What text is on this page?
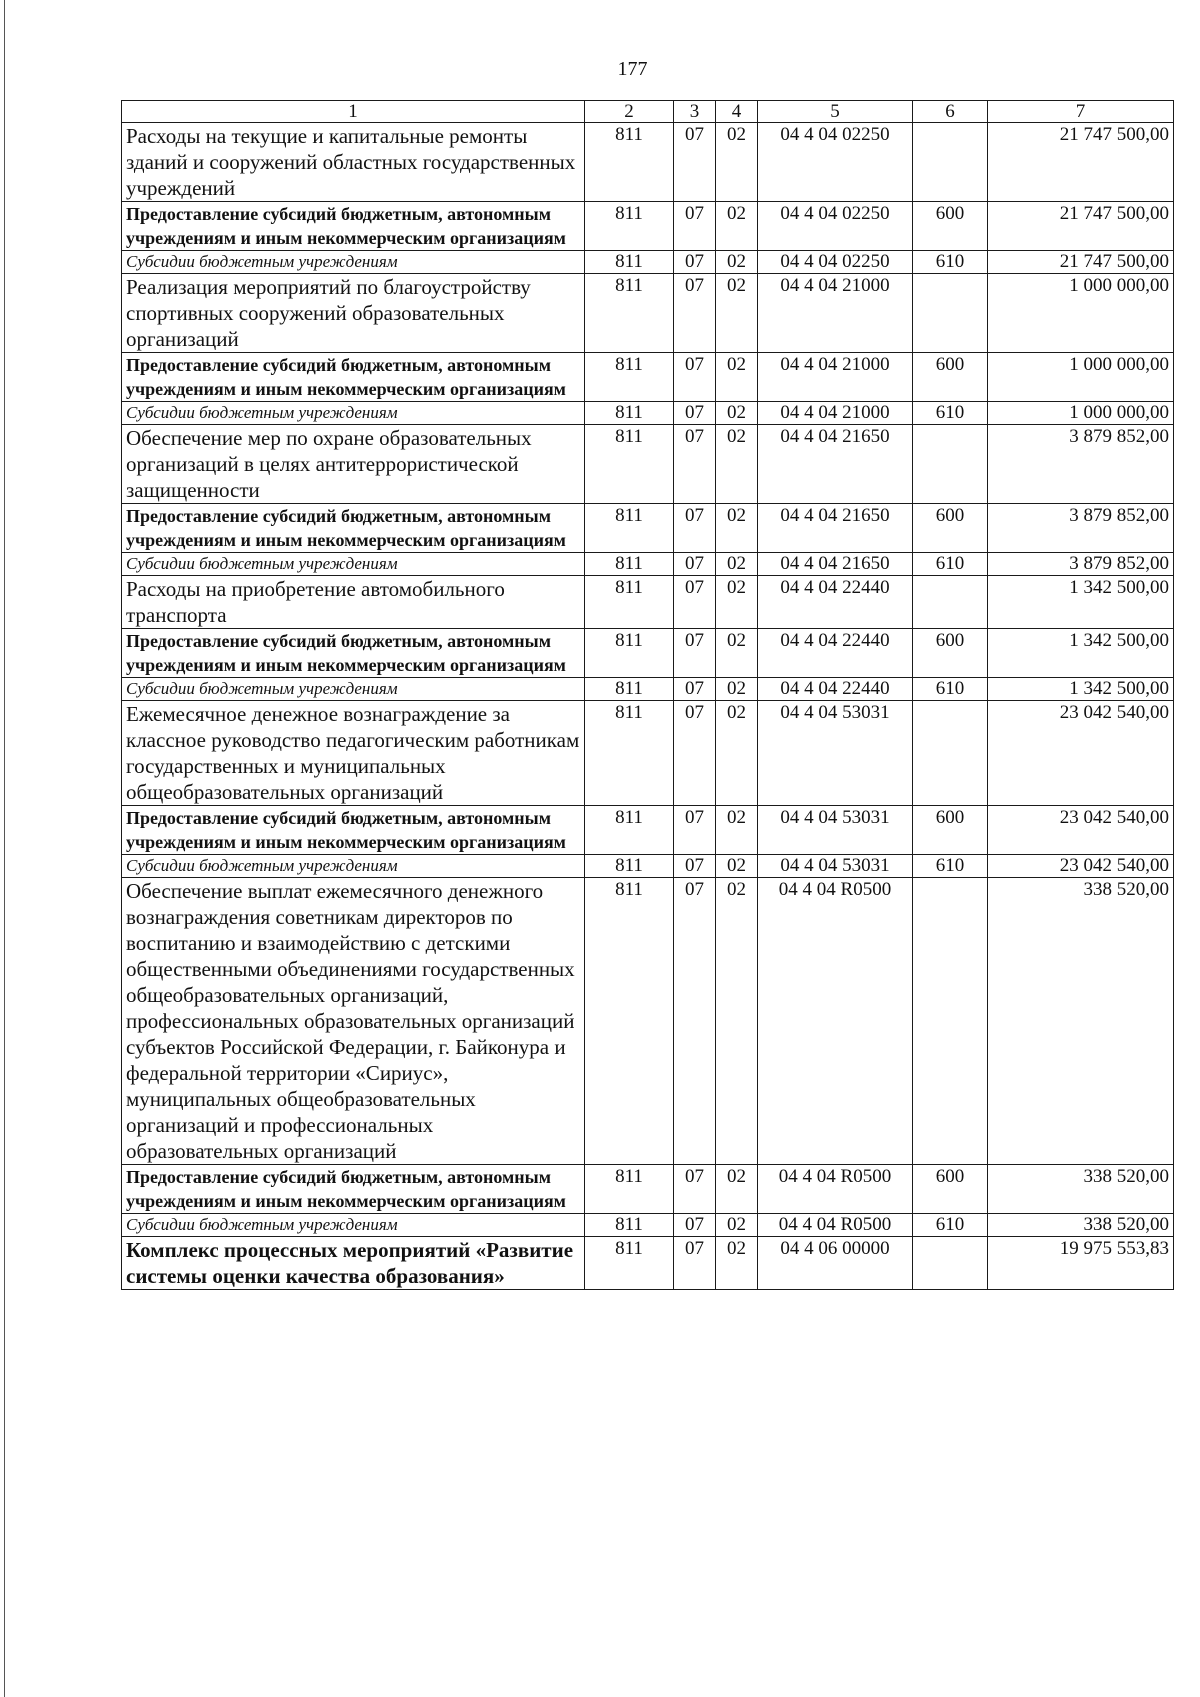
177
1	2	3	4	5	6	7
Расходы на текущие и капитальные ремонты зданий и сооружений областных государственных учреждений	811	07	02	04 4 04 02250		21 747 500,00
Предоставление субсидий бюджетным, автономным учреждениям и иным некоммерческим организациям	811	07	02	04 4 04 02250	600	21 747 500,00
Субсидии бюджетным учреждениям	811	07	02	04 4 04 02250	610	21 747 500,00
Реализация мероприятий по благоустройству спортивных сооружений образовательных организаций	811	07	02	04 4 04 21000		1 000 000,00
Предоставление субсидий бюджетным, автономным учреждениям и иным некоммерческим организациям	811	07	02	04 4 04 21000	600	1 000 000,00
Субсидии бюджетным учреждениям	811	07	02	04 4 04 21000	610	1 000 000,00
Обеспечение мер по охране образовательных организаций в целях антитеррористической защищенности	811	07	02	04 4 04 21650		3 879 852,00
Предоставление субсидий бюджетным, автономным учреждениям и иным некоммерческим организациям	811	07	02	04 4 04 21650	600	3 879 852,00
Субсидии бюджетным учреждениям	811	07	02	04 4 04 21650	610	3 879 852,00
Расходы на приобретение автомобильного транспорта	811	07	02	04 4 04 22440		1 342 500,00
Предоставление субсидий бюджетным, автономным учреждениям и иным некоммерческим организациям	811	07	02	04 4 04 22440	600	1 342 500,00
Субсидии бюджетным учреждениям	811	07	02	04 4 04 22440	610	1 342 500,00
Ежемесячное денежное вознаграждение за классное руководство педагогическим работникам государственных и муниципальных общеобразовательных организаций	811	07	02	04 4 04 53031		23 042 540,00
Предоставление субсидий бюджетным, автономным учреждениям и иным некоммерческим организациям	811	07	02	04 4 04 53031	600	23 042 540,00
Субсидии бюджетным учреждениям	811	07	02	04 4 04 53031	610	23 042 540,00
Обеспечение выплат ежемесячного денежного вознаграждения советникам директоров по воспитанию и взаимодействию с детскими общественными объединениями государственных общеобразовательных организаций, профессиональных образовательных организаций субъектов Российской Федерации, г. Байконура и федеральной территории «Сириус», муниципальных общеобразовательных организаций и профессиональных образовательных организаций	811	07	02	04 4 04 R0500		338 520,00
Предоставление субсидий бюджетным, автономным учреждениям и иным некоммерческим организациям	811	07	02	04 4 04 R0500	600	338 520,00
Субсидии бюджетным учреждениям	811	07	02	04 4 04 R0500	610	338 520,00
Комплекс процессных мероприятий «Развитие системы оценки качества образования»	811	07	02	04 4 06 00000		19 975 553,83
